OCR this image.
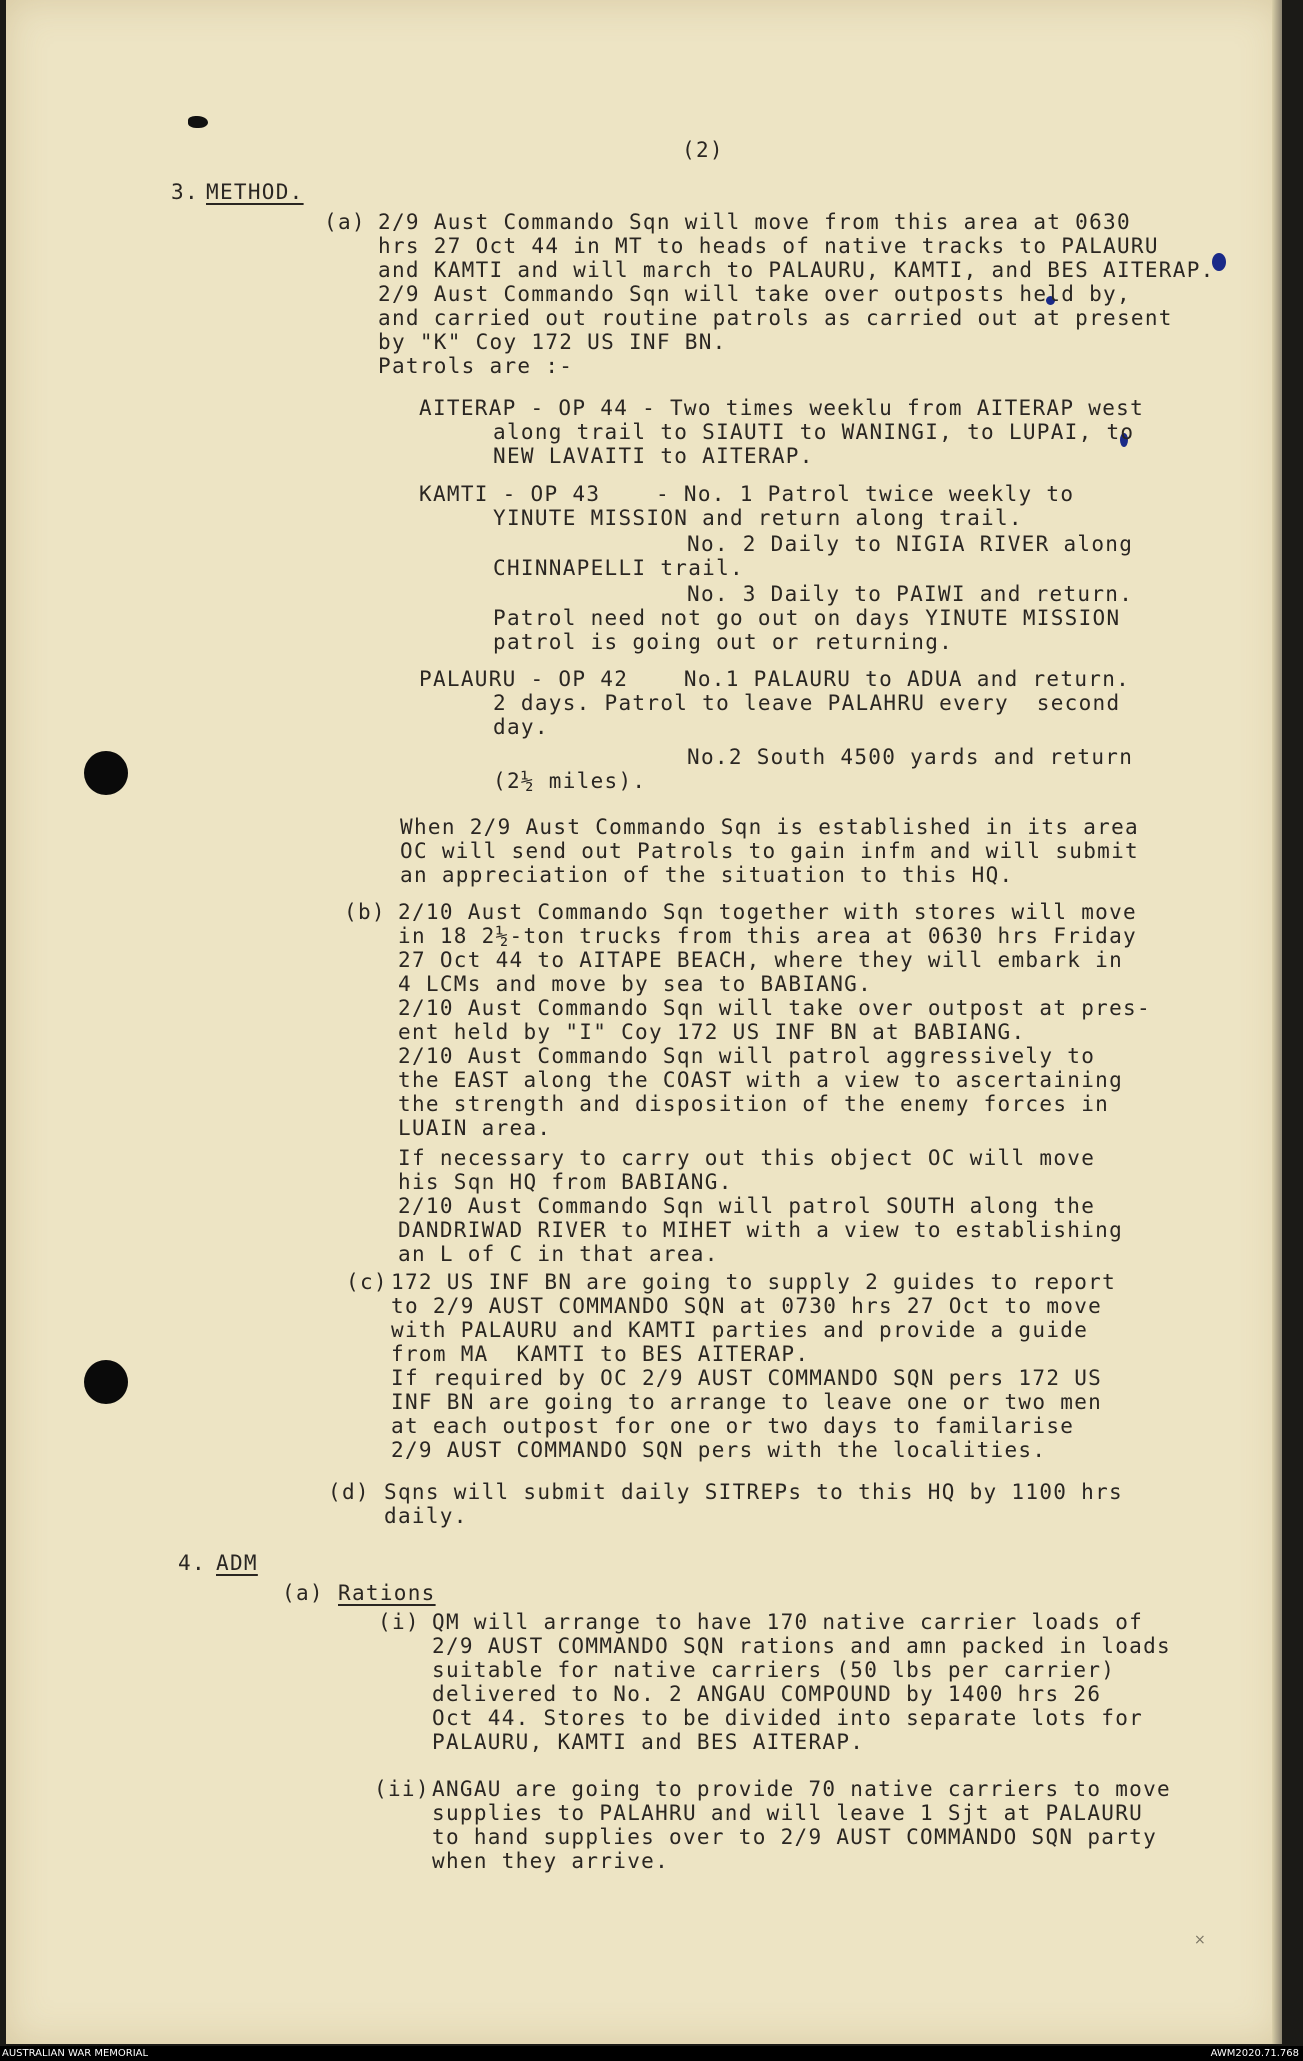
(2)
3. METHOD.
(a) 2/9 Aust Commando Sqn will move from this area at 0630
hrs 27 Oct 44 in MT to heads of native tracks to PALAURU
and KAMTI and will march to PALAURU, KAMTI, and BES AITERAP.
2/9 Aust Commando Sqn will take over outposts held by,
and carried out routine patrols as carried out at present
by "K" Coy 172 US INF BN.
Patrols are :-
AITERAP - OP 44 - Two times weeklu from AITERAP west
along trail to SIAUTI to WANINGI, to LUPAI, to
NEW LAVAITI to AITERAP.
KAMTI - OP 43    - No. 1 Patrol twice weekly to
YINUTE MISSION and return along trail.
No. 2 Daily to NIGIA RIVER along
CHINNAPELLI trail.
No. 3 Daily to PAIWI and return.
Patrol need not go out on days YINUTE MISSION
patrol is going out or returning.
PALAURU - OP 42    No.1 PALAURU to ADUA and return.
2 days. Patrol to leave PALAHRU every  second
day.
No.2 South 4500 yards and return
(2½ miles).
When 2/9 Aust Commando Sqn is established in its area
OC will send out Patrols to gain infm and will submit
an appreciation of the situation to this HQ.
(b) 2/10 Aust Commando Sqn together with stores will move
in 18 2½-ton trucks from this area at 0630 hrs Friday
27 Oct 44 to AITAPE BEACH, where they will embark in
4 LCMs and move by sea to BABIANG.
2/10 Aust Commando Sqn will take over outpost at pres-
ent held by "I" Coy 172 US INF BN at BABIANG.
2/10 Aust Commando Sqn will patrol aggressively to
the EAST along the COAST with a view to ascertaining
the strength and disposition of the enemy forces in
LUAIN area.
If necessary to carry out this object OC will move
his Sqn HQ from BABIANG.
2/10 Aust Commando Sqn will patrol SOUTH along the
DANDRIWAD RIVER to MIHET with a view to establishing
an L of C in that area.
(c) 172 US INF BN are going to supply 2 guides to report
to 2/9 AUST COMMANDO SQN at 0730 hrs 27 Oct to move
with PALAURU and KAMTI parties and provide a guide
from MA  KAMTI to BES AITERAP.
If required by OC 2/9 AUST COMMANDO SQN pers 172 US
INF BN are going to arrange to leave one or two men
at each outpost for one or two days to familarise
2/9 AUST COMMANDO SQN pers with the localities.
(d) Sqns will submit daily SITREPs to this HQ by 1100 hrs
daily.
4. ADM
(a) Rations
(i) QM will arrange to have 170 native carrier loads of
2/9 AUST COMMANDO SQN rations and amn packed in loads
suitable for native carriers (50 lbs per carrier)
delivered to No. 2 ANGAU COMPOUND by 1400 hrs 26
Oct 44. Stores to be divided into separate lots for
PALAURU, KAMTI and BES AITERAP.
(ii) ANGAU are going to provide 70 native carriers to move
supplies to PALAHRU and will leave 1 Sjt at PALAURU
to hand supplies over to 2/9 AUST COMMANDO SQN party
when they arrive.
×
AUSTRALIAN WAR MEMORIAL	AWM2020.71.768
